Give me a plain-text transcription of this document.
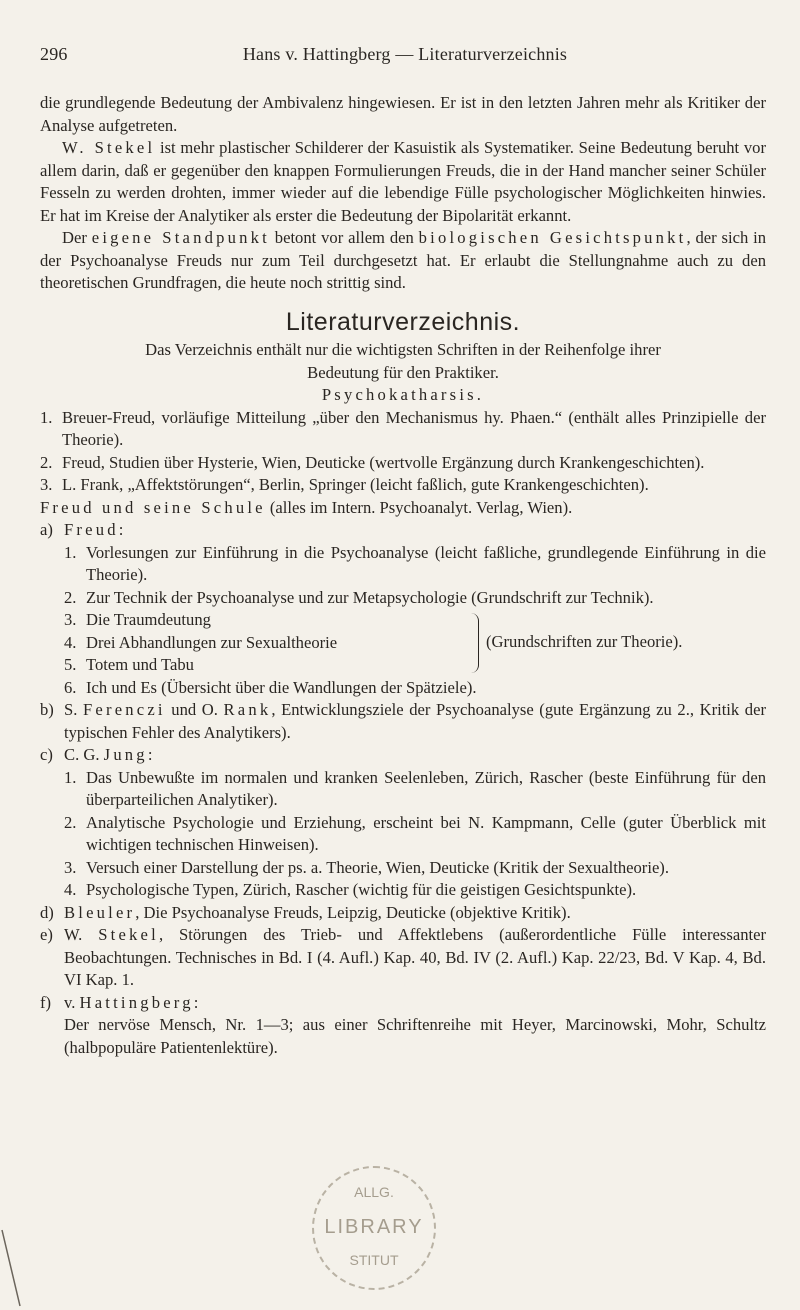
296	Hans v. Hattingberg — Literaturverzeichnis

die grundlegende Bedeutung der Ambivalenz hingewiesen. Er ist in den letzten Jahren mehr als Kritiker der Analyse aufgetreten.

W. Stekel ist mehr plastischer Schilderer der Kasuistik als Systematiker. Seine Bedeutung beruht vor allem darin, daß er gegenüber den knappen Formulierungen Freuds, die in der Hand mancher seiner Schüler Fesseln zu werden drohten, immer wieder auf die lebendige Fülle psychologischer Möglichkeiten hinwies. Er hat im Kreise der Analytiker als erster die Bedeutung der Bipolarität erkannt.

Der eigene Standpunkt betont vor allem den biologischen Gesichtspunkt, der sich in der Psychoanalyse Freuds nur zum Teil durchgesetzt hat. Er erlaubt die Stellungnahme auch zu den theoretischen Grundfragen, die heute noch strittig sind.

Literaturverzeichnis.

Das Verzeichnis enthält nur die wichtigsten Schriften in der Reihenfolge ihrer Bedeutung für den Praktiker.

Psychokatharsis.

1. Breuer-Freud, vorläufige Mitteilung „über den Mechanismus hy. Phaen.“ (enthält alles Prinzipielle der Theorie).
2. Freud, Studien über Hysterie, Wien, Deuticke (wertvolle Ergänzung durch Krankengeschichten).
3. L. Frank, „Affektstörungen“, Berlin, Springer (leicht faßlich, gute Krankengeschichten).

Freud und seine Schule (alles im Intern. Psychoanalyt. Verlag, Wien).

a) Freud:
1. Vorlesungen zur Einführung in die Psychoanalyse (leicht faßliche, grundlegende Einführung in die Theorie).
2. Zur Technik der Psychoanalyse und zur Metapsychologie (Grundschrift zur Technik).
3. Die Traumdeutung
4. Drei Abhandlungen zur Sexualtheorie
5. Totem und Tabu
(Grundschriften zur Theorie).
6. Ich und Es (Übersicht über die Wandlungen der Spätziele).
b) S. Ferenczi und O. Rank, Entwicklungsziele der Psychoanalyse (gute Ergänzung zu 2., Kritik der typischen Fehler des Analytikers).
c) C. G. Jung:
1. Das Unbewußte im normalen und kranken Seelenleben, Zürich, Rascher (beste Einführung für den überparteilichen Analytiker).
2. Analytische Psychologie und Erziehung, erscheint bei N. Kampmann, Celle (guter Überblick mit wichtigen technischen Hinweisen).
3. Versuch einer Darstellung der ps. a. Theorie, Wien, Deuticke (Kritik der Sexualtheorie).
4. Psychologische Typen, Zürich, Rascher (wichtig für die geistigen Gesichtspunkte).
d) Bleuler, Die Psychoanalyse Freuds, Leipzig, Deuticke (objektive Kritik).
e) W. Stekel, Störungen des Trieb- und Affektlebens (außerordentliche Fülle interessanter Beobachtungen. Technisches in Bd. I (4. Aufl.) Kap. 40, Bd. IV (2. Aufl.) Kap. 22/23, Bd. V Kap. 4, Bd. VI Kap. 1.
f) v. Hattingberg:
Der nervöse Mensch, Nr. 1—3; aus einer Schriftenreihe mit Heyer, Marcinowski, Mohr, Schultz (halbpopuläre Patientenlektüre).
ALLG.
LIBRARY
STITUT
